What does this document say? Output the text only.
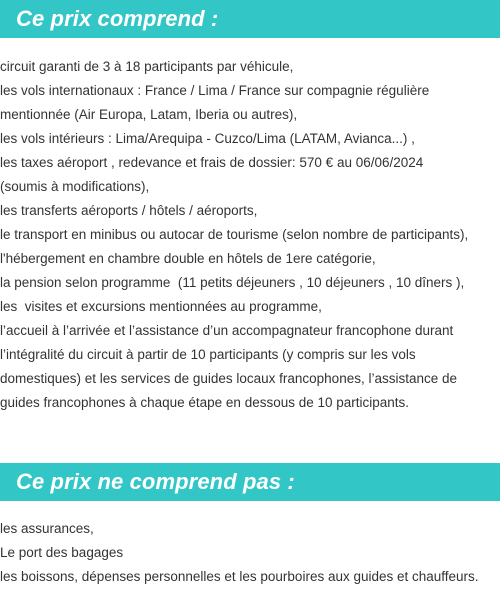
Ce prix comprend :
circuit garanti de 3 à 18 participants par véhicule,
les vols internationaux : France / Lima / France sur compagnie régulière
mentionnée (Air Europa, Latam, Iberia ou autres),
les vols intérieurs : Lima/Arequipa - Cuzco/Lima (LATAM, Avianca...) ,
les taxes aéroport , redevance et frais de dossier: 570 € au 06/06/2024
(soumis à modifications),
les transferts aéroports / hôtels / aéroports,
le transport en minibus ou autocar de tourisme (selon nombre de participants),
l'hébergement en chambre double en hôtels de 1ere catégorie,
la pension selon programme  (11 petits déjeuners , 10 déjeuners , 10 dîners ),
les  visites et excursions mentionnées au programme,
l’accueil à l’arrivée et l’assistance d’un accompagnateur francophone durant
l’intégralité du circuit à partir de 10 participants (y compris sur les vols
domestiques) et les services de guides locaux francophones, l’assistance de
guides francophones à chaque étape en dessous de 10 participants.
Ce prix ne comprend pas :
les assurances,
Le port des bagages
les boissons, dépenses personnelles et les pourboires aux guides et chauffeurs.
